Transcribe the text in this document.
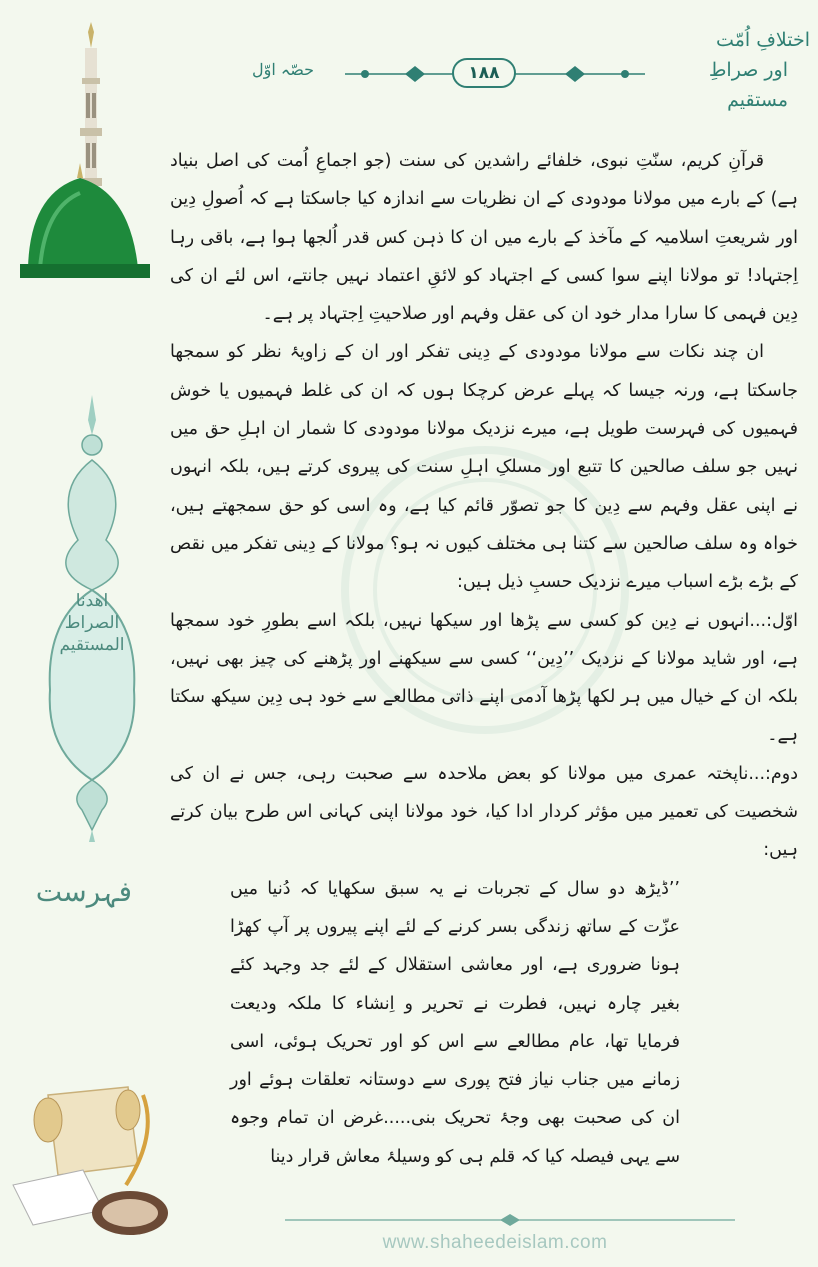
اھدنا الصراط المستقیم
فہرست
اختلافِ اُمّت
اور صراطِ مستقیم
۱۸۸
حصّہ اوّل

قرآنِ کریم، سنّتِ نبوی، خلفائے راشدین کی سنت (جو اجماعِ اُمت کی اصل بنیاد ہے) کے بارے میں مولانا مودودی کے ان نظریات سے اندازہ کیا جاسکتا ہے کہ اُصولِ دِین اور شریعتِ اسلامیہ کے مآخذ کے بارے میں ان کا ذہن کس قدر اُلجھا ہوا ہے، باقی رہا اِجتہاد! تو مولانا اپنے سوا کسی کے اجتہاد کو لائقِ اعتماد نہیں جانتے، اس لئے ان کی دِین فہمی کا سارا مدار خود ان کی عقل وفہم اور صلاحیتِ اِجتہاد پر ہے۔

ان چند نکات سے مولانا مودودی کے دِینی تفکر اور ان کے زاویۂ نظر کو سمجھا جاسکتا ہے، ورنہ جیسا کہ پہلے عرض کرچکا ہوں کہ ان کی غلط فہمیوں یا خوش فہمیوں کی فہرست طویل ہے، میرے نزدیک مولانا مودودی کا شمار ان اہلِ حق میں نہیں جو سلف صالحین کا تتبع اور مسلکِ اہلِ سنت کی پیروی کرتے ہیں، بلکہ انہوں نے اپنی عقل وفہم سے دِین کا جو تصوّر قائم کیا ہے، وہ اسی کو حق سمجھتے ہیں، خواہ وہ سلف صالحین سے کتنا ہی مختلف کیوں نہ ہو؟ مولانا کے دِینی تفکر میں نقص کے بڑے بڑے اسباب میرے نزدیک حسبِ ذیل ہیں:

اوّل:...انہوں نے دِین کو کسی سے پڑھا اور سیکھا نہیں، بلکہ اسے بطورِ خود سمجھا ہے، اور شاید مولانا کے نزدیک ’’دِین‘‘ کسی سے سیکھنے اور پڑھنے کی چیز بھی نہیں، بلکہ ان کے خیال میں ہر لکھا پڑھا آدمی اپنے ذاتی مطالعے سے خود ہی دِین سیکھ سکتا ہے۔

دوم:...ناپختہ عمری میں مولانا کو بعض ملاحدہ سے صحبت رہی، جس نے ان کی شخصیت کی تعمیر میں مؤثر کردار ادا کیا، خود مولانا اپنی کہانی اس طرح بیان کرتے ہیں:

’’ڈیڑھ دو سال کے تجربات نے یہ سبق سکھایا کہ دُنیا میں عزّت کے ساتھ زندگی بسر کرنے کے لئے اپنے پیروں پر آپ کھڑا ہونا ضروری ہے، اور معاشی استقلال کے لئے جد وجہد کئے بغیر چارہ نہیں، فطرت نے تحریر و اِنشاء کا ملکہ ودیعت فرمایا تھا، عام مطالعے سے اس کو اور تحریک ہوئی، اسی زمانے میں جناب نیاز فتح پوری سے دوستانہ تعلقات ہوئے اور ان کی صحبت بھی وجۂ تحریک بنی.....غرض ان تمام وجوہ سے یہی فیصلہ کیا کہ قلم ہی کو وسیلۂ معاش قرار دینا

www.shaheedeislam.com
